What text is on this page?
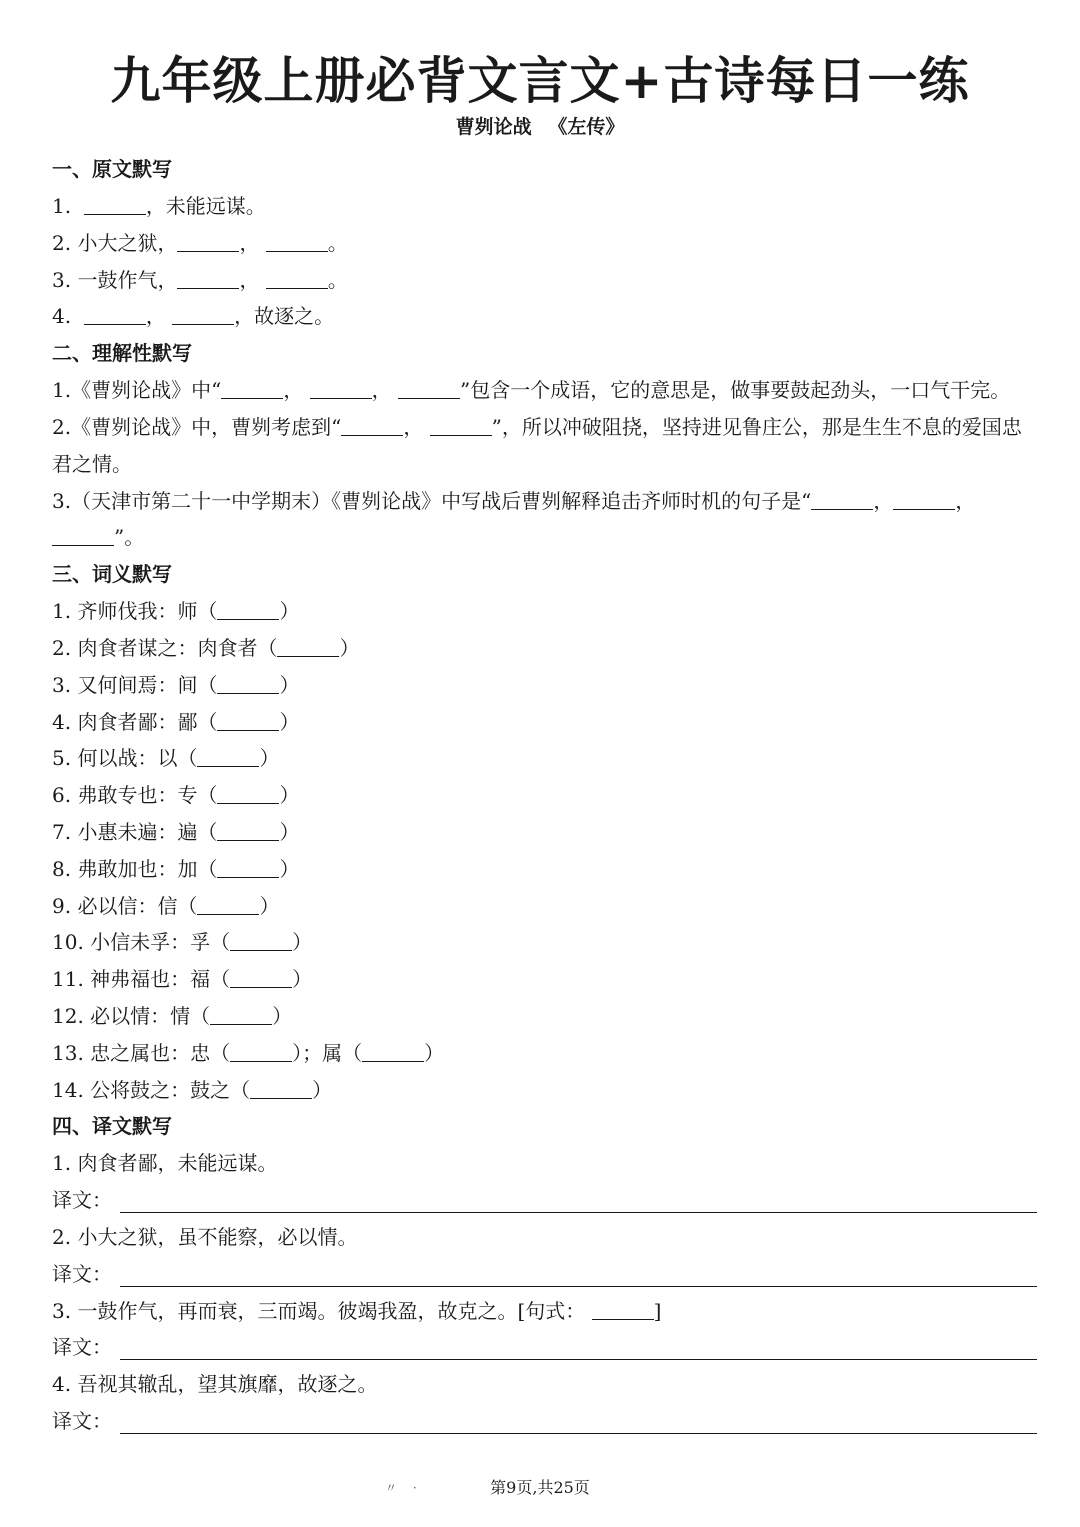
九年级上册必背文言文+古诗每日一练
曹刿论战 《左传》
一、原文默写
1.	，未能远谋。
2. 小大之狱，	，	。
3. 一鼓作气，	，	。
4.	，	，故逐之。
二、理解性默写
1.《曹刿论战》中“	，	，	”包含一个成语，它的意思是，做事要鼓起劲头，一口气干完。
2.《曹刿论战》中，曹刿考虑到“	，	”，所以冲破阻挠，坚持进见鲁庄公，那是生生不息的爱国忠君之情。
3.（天津市第二十一中学期末）《曹刿论战》中写战后曹刿解释追击齐师时机的句子是“	，	，”。
三、词义默写
1. 齐师伐我：师（	）
2. 肉食者谋之：肉食者（	）
3. 又何间焉：间（	）
4. 肉食者鄙：鄙（	）
5. 何以战：以（	）
6. 弗敢专也：专（	）
7. 小惠未遍：遍（	）
8. 弗敢加也：加（	）
9. 必以信：信（	）
10. 小信未孚：孚（	）
11. 神弗福也：福（	）
12. 必以情：情（	）
13. 忠之属也：忠（	）；属（	）
14. 公将鼓之：鼓之（	）
四、译文默写
1. 肉食者鄙，未能远谋。
译文：
2. 小大之狱，虽不能察，必以情。
译文：
3. 一鼓作气，再而衰，三而竭。彼竭我盈，故克之。[句式：	]
译文：
4. 吾视其辙乱，望其旗靡，故逐之。
译文：
〃 ·	第9页,共25页
